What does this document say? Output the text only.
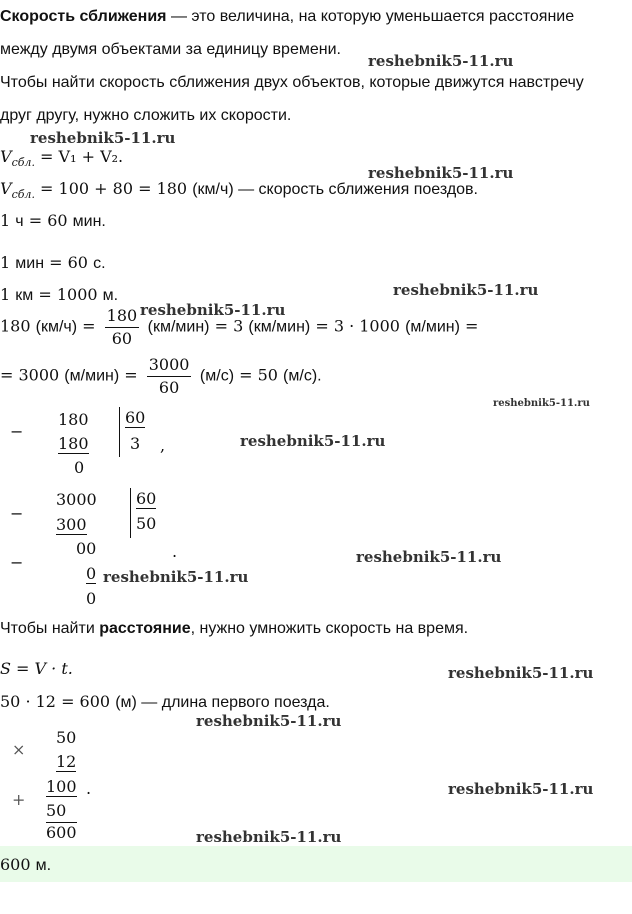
Скорость сближения — это величина, на которую уменьшается расстояние
между двумя объектами за единицу времени.
Чтобы найти скорость сближения двух объектов, которые движутся навстречу
друг другу, нужно сложить их скорости.
$V_{сбл.} = V_1 + V_2$.
$V_{сбл.} = 100 + 80 = 180$ (км/ч) — скорость сближения поездов.
1 ч = 60 мин.
1 мин = 60 с.
1 км = 1000 м.
180 $(км/ч) = \frac{180}{60} (км/мин) = 3$ (км/мин) = 3 · 1000 (м/мин) =
= 3000 $(м/мин) = \frac{3000}{60} (м/с) = 50$ (м/с).
−
180
180
0
60
3 ,
−
3000
300
00
−
0
0
60
50
.
Чтобы найти расстояние, нужно умножить скорость на время.
S = V · t.
50 · 12 = 600 (м) — длина первого поезда.
×
50
12
100 .
+
50
600
600 м.
reshebnik5-11.ru
reshebnik5-11.ru
reshebnik5-11.ru
reshebnik5-11.ru
reshebnik5-11.ru
reshebnik5-11.ru
reshebnik5-11.ru
reshebnik5-11.ru
reshebnik5-11.ru
reshebnik5-11.ru
reshebnik5-11.ru
reshebnik5-11.ru
reshebnik5-11.ru
